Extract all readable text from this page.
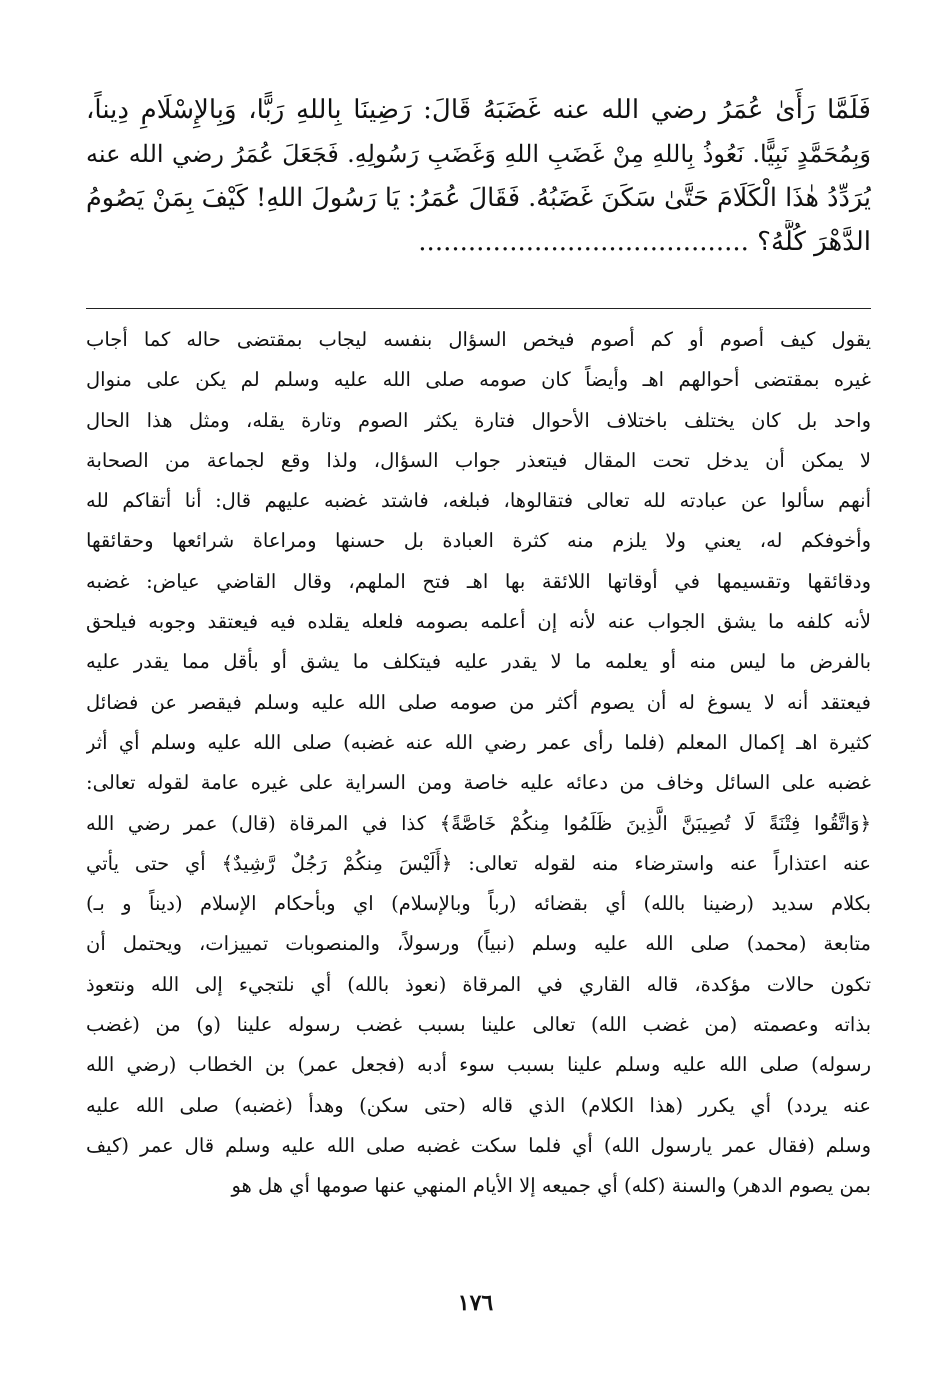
فَلَمَّا رَأَىٰ عُمَرُ رضي الله عنه غَضَبَهُ قَالَ: رَضِينَا بِاللهِ رَبًّا، وَبِالإِسْلَامِ دِيناً،
وَبِمُحَمَّدٍ نَبِيًّا. نَعُوذُ بِاللهِ مِنْ غَضَبِ اللهِ وَغَضَبِ رَسُولِهِ. فَجَعَلَ عُمَرُ رضي الله عنه
يُرَدِّدُ هٰذَا الْكَلَامَ حَتَّىٰ سَكَنَ غَضَبُهُ. فَقَالَ عُمَرُ: يَا رَسُولَ اللهِ! كَيْفَ بِمَنْ يَصُومُ
الدَّهْرَ كُلَّهُ؟ ........................................
يقول كيف أصوم أو كم أصوم فيخص السؤال بنفسه ليجاب بمقتضى حاله كما أجاب
غيره بمقتضى أحوالهم اهـ وأيضاً كان صومه صلى الله عليه وسلم لم يكن على منوال
واحد بل كان يختلف باختلاف الأحوال فتارة يكثر الصوم وتارة يقله، ومثل هذا الحال
لا يمكن أن يدخل تحت المقال فيتعذر جواب السؤال، ولذا وقع لجماعة من الصحابة
أنهم سألوا عن عبادته لله تعالى فتقالوها، فبلغه، فاشتد غضبه عليهم قال: أنا أتقاكم لله
وأخوفكم له، يعني ولا يلزم منه كثرة العبادة بل حسنها ومراعاة شرائعها وحقائقها
ودقائقها وتقسيمها في أوقاتها اللائقة بها اهـ فتح الملهم، وقال القاضي عياض: غضبه
لأنه كلفه ما يشق الجواب عنه لأنه إن أعلمه بصومه فلعله يقلده فيه فيعتقد وجوبه فيلحق
بالفرض ما ليس منه أو يعلمه ما لا يقدر عليه فيتكلف ما يشق أو بأقل مما يقدر عليه
فيعتقد أنه لا يسوغ له أن يصوم أكثر من صومه صلى الله عليه وسلم فيقصر عن فضائل
كثيرة اهـ إكمال المعلم (فلما رأى عمر رضي الله عنه غضبه) صلى الله عليه وسلم أي أثر
غضبه على السائل وخاف من دعائه عليه خاصة ومن السراية على غيره عامة لقوله تعالى:
﴿وَاتَّقُوا فِتْنَةً لَا تُصِيبَنَّ الَّذِينَ ظَلَمُوا مِنكُمْ خَاصَّةً﴾ كذا في المرقاة (قال) عمر رضي الله
عنه اعتذاراً عنه واسترضاء منه لقوله تعالى: ﴿أَلَيْسَ مِنكُمْ رَجُلٌ رَّشِيدٌ﴾ أي حتى يأتي
بكلام سديد (رضينا بالله) أي بقضائه (رباً وبالإسلام) اي وبأحكام الإسلام (ديناً و بـ)
متابعة (محمد) صلى الله عليه وسلم (نبياً) ورسولاً، والمنصوبات تمييزات، ويحتمل أن
تكون حالات مؤكدة، قاله القاري في المرقاة (نعوذ بالله) أي نلتجيء إلى الله ونتعوذ
بذاته وعصمته (من غضب الله) تعالى علينا بسبب غضب رسوله علينا (و) من (غضب
رسوله) صلى الله عليه وسلم علينا بسبب سوء أدبه (فجعل عمر) بن الخطاب (رضي الله
عنه يردد) أي يكرر (هذا الكلام) الذي قاله (حتى سكن) وهدأ (غضبه) صلى الله عليه
وسلم (فقال عمر يارسول الله) أي فلما سكت غضبه صلى الله عليه وسلم قال عمر (كيف
بمن يصوم الدهر) والسنة (كله) أي جميعه إلا الأيام المنهي عنها صومها أي هل هو
١٧٦
